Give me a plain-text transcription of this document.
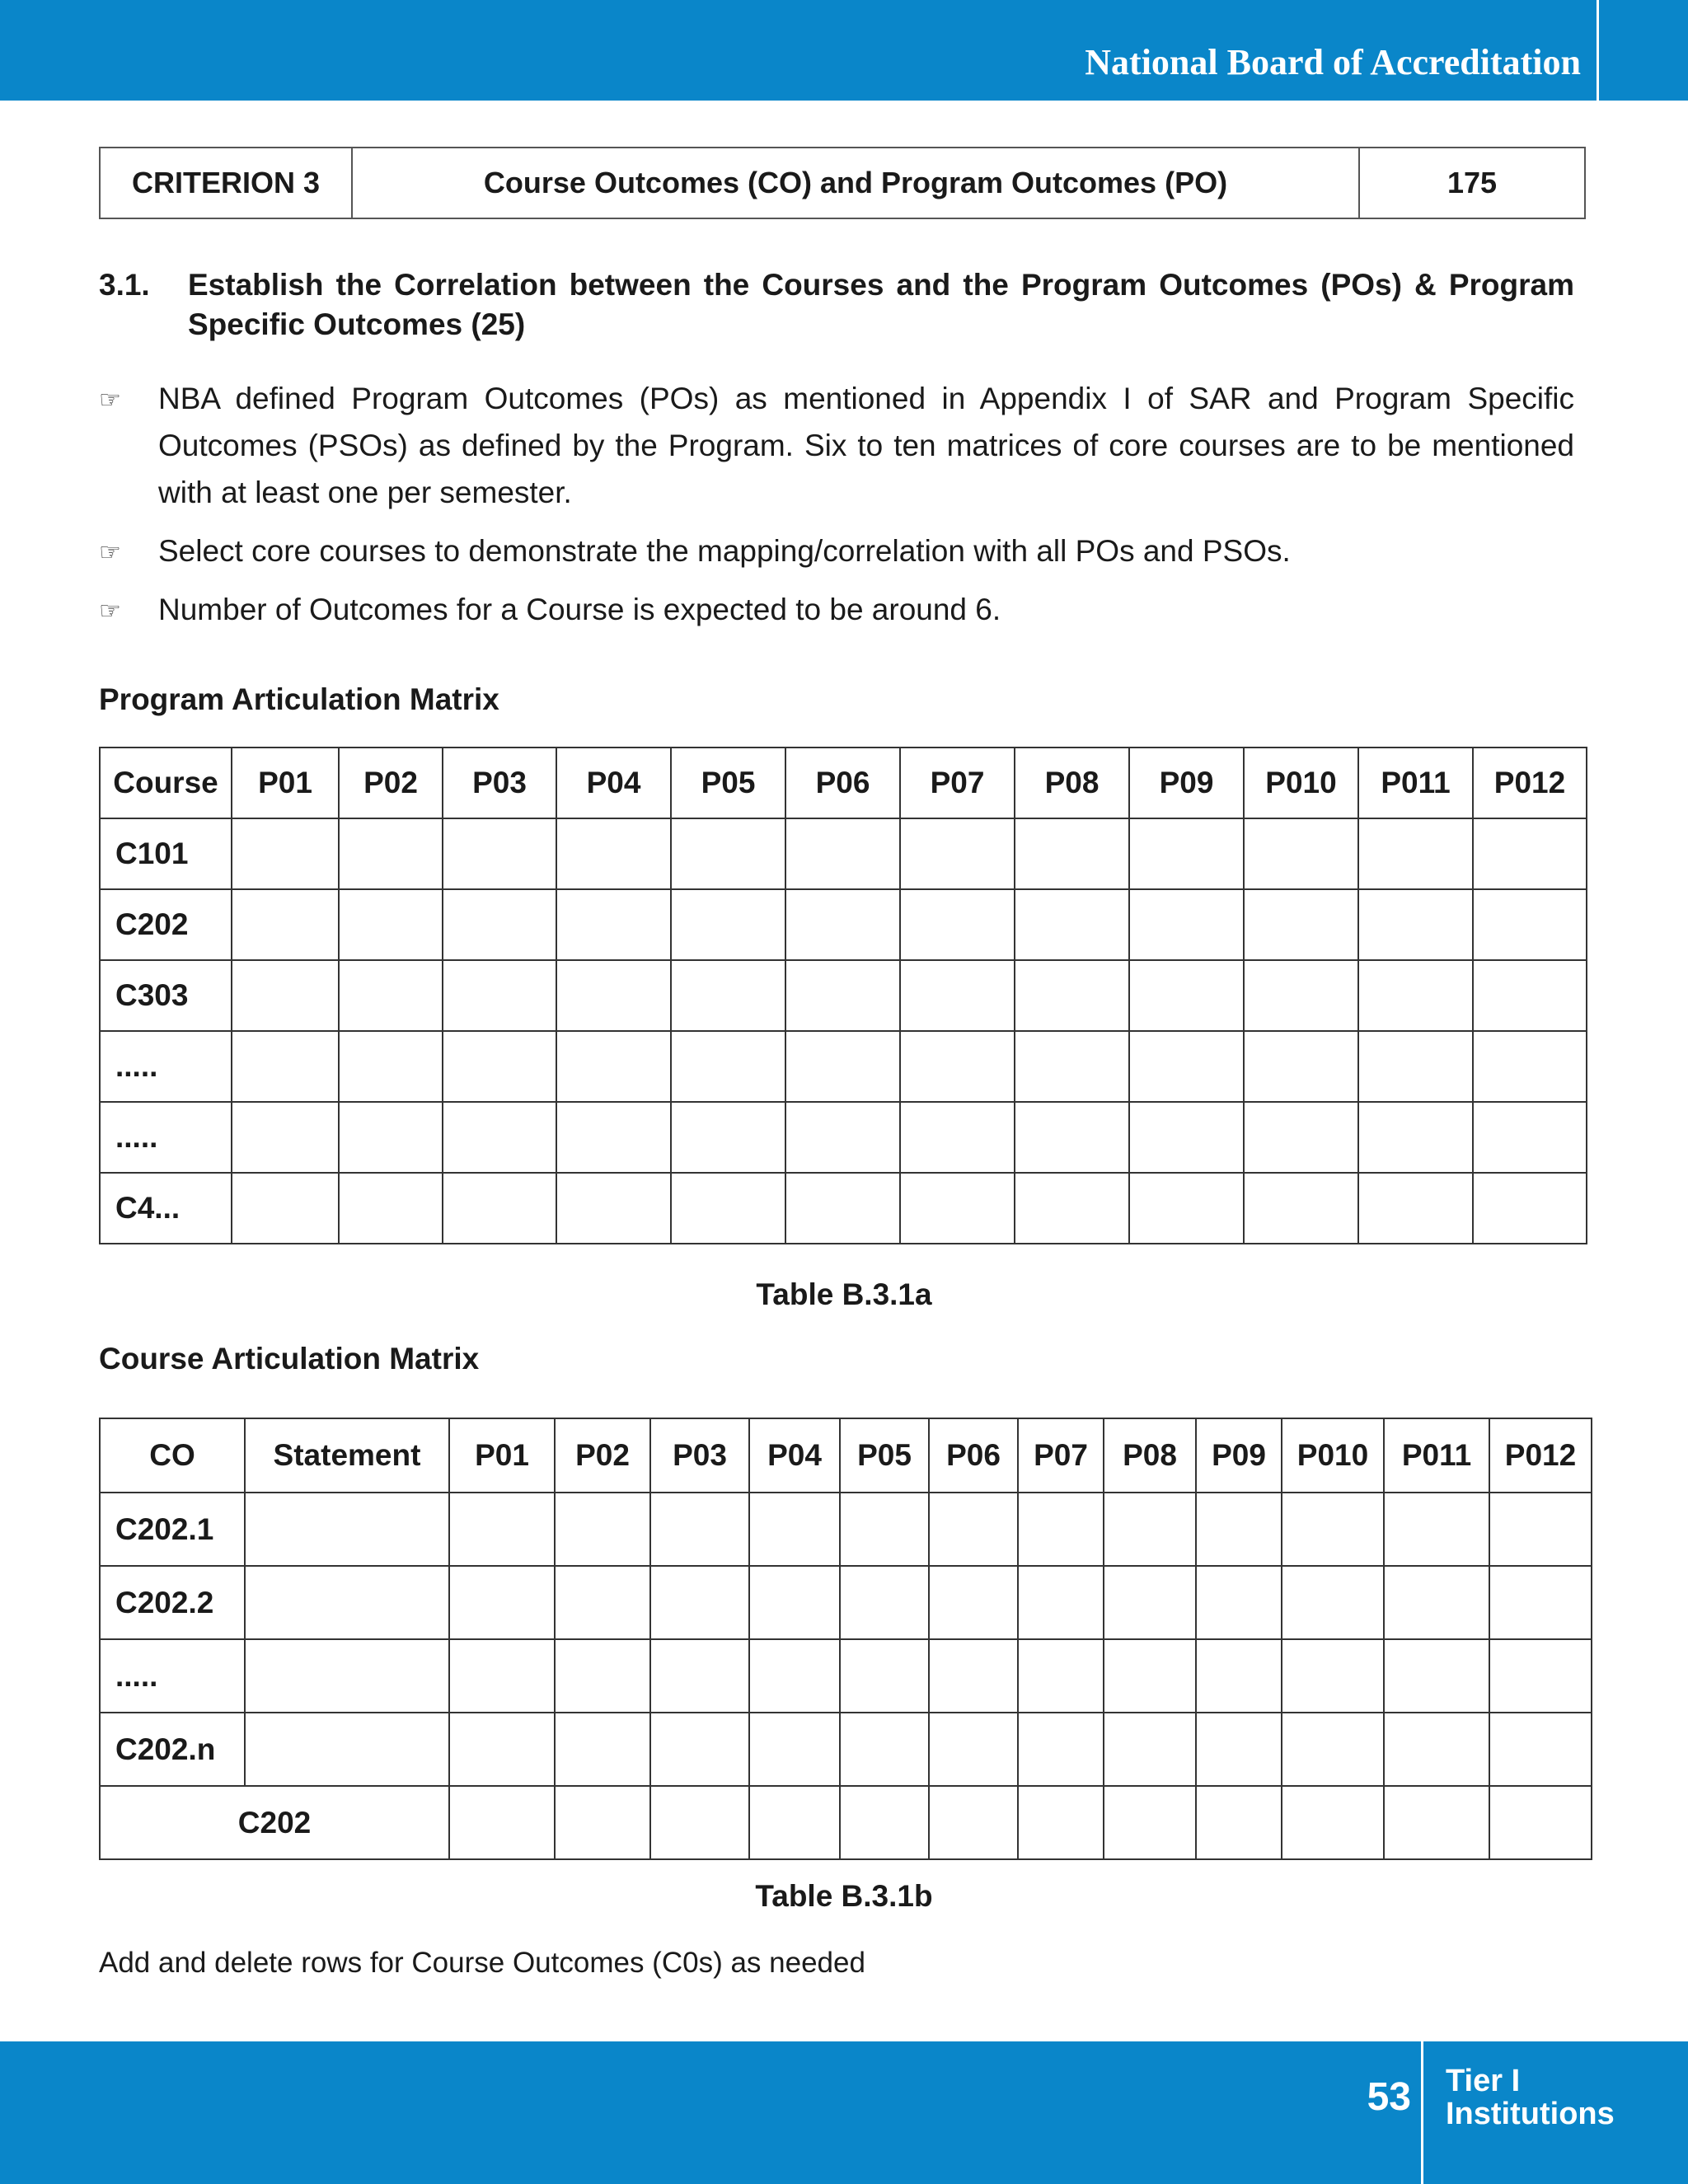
National Board of Accreditation
CRITERION 3	Course Outcomes (CO) and Program Outcomes (PO)	175
3.1. Establish the Correlation between the Courses and the Program Outcomes (POs) & Program Specific Outcomes (25)
☞ NBA defined Program Outcomes (POs) as mentioned in Appendix I of SAR and Program Specific Outcomes (PSOs) as defined by the Program. Six to ten matrices of core courses are to be mentioned with at least one per semester.
☞ Select core courses to demonstrate the mapping/correlation with all POs and PSOs.
☞ Number of Outcomes for a Course is expected to be around 6.
Program Articulation Matrix
Course	P01	P02	P03	P04	P05	P06	P07	P08	P09	P010	P011	P012
C101												
C202												
C303												
.....												
.....												
C4...												
Table B.3.1a
Course Articulation Matrix
CO	Statement	P01	P02	P03	P04	P05	P06	P07	P08	P09	P010	P011	P012
C202.1													
C202.2													
.....													
C202.n													
C202													
Table B.3.1b
Add and delete rows for Course Outcomes (C0s) as needed
53 Tier I
Institutions
